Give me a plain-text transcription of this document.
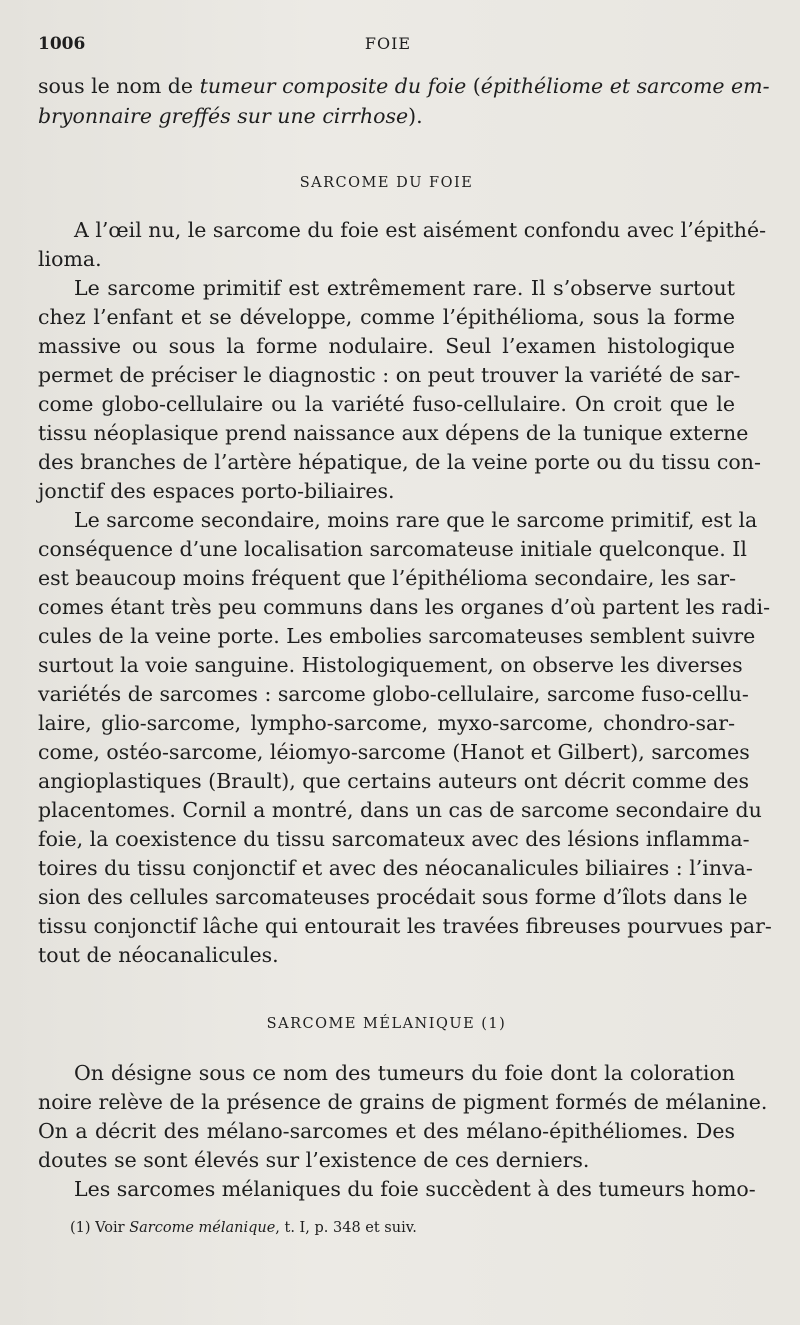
1006	FOIE
sous le nom de tumeur composite du foie (épithéliome et sarcome em-
bryonnaire greffés sur une cirrhose).
SARCOME DU FOIE
A l’œil nu, le sarcome du foie est aisément confondu avec l’épithé-
lioma.
Le sarcome primitif est extrêmement rare. Il s’observe surtout
chez l’enfant et se développe, comme l’épithélioma, sous la forme
massive ou sous la forme nodulaire. Seul l’examen histologique
permet de préciser le diagnostic : on peut trouver la variété de sar-
come globo-cellulaire ou la variété fuso-cellulaire. On croit que le
tissu néoplasique prend naissance aux dépens de la tunique externe
des branches de l’artère hépatique, de la veine porte ou du tissu con-
jonctif des espaces porto-biliaires.
Le sarcome secondaire, moins rare que le sarcome primitif, est la
conséquence d’une localisation sarcomateuse initiale quelconque. Il
est beaucoup moins fréquent que l’épithélioma secondaire, les sar-
comes étant très peu communs dans les organes d’où partent les radi-
cules de la veine porte. Les embolies sarcomateuses semblent suivre
surtout la voie sanguine. Histologiquement, on observe les diverses
variétés de sarcomes : sarcome globo-cellulaire, sarcome fuso-cellu-
laire, glio-sarcome, lympho-sarcome, myxo-sarcome, chondro-sar-
come, ostéo-sarcome, léiomyo-sarcome (Hanot et Gilbert), sarcomes
angioplastiques (Brault), que certains auteurs ont décrit comme des
placentomes. Cornil a montré, dans un cas de sarcome secondaire du
foie, la coexistence du tissu sarcomateux avec des lésions inflamma-
toires du tissu conjonctif et avec des néocanalicules biliaires : l’inva-
sion des cellules sarcomateuses procédait sous forme d’îlots dans le
tissu conjonctif lâche qui entourait les travées fibreuses pourvues par-
tout de néocanalicules.
SARCOME MÉLANIQUE (1)
On désigne sous ce nom des tumeurs du foie dont la coloration
noire relève de la présence de grains de pigment formés de mélanine.
On a décrit des mélano-sarcomes et des mélano-épithéliomes. Des
doutes se sont élevés sur l’existence de ces derniers.
Les sarcomes mélaniques du foie succèdent à des tumeurs homo-
(1) Voir Sarcome mélanique, t. I, p. 348 et suiv.
